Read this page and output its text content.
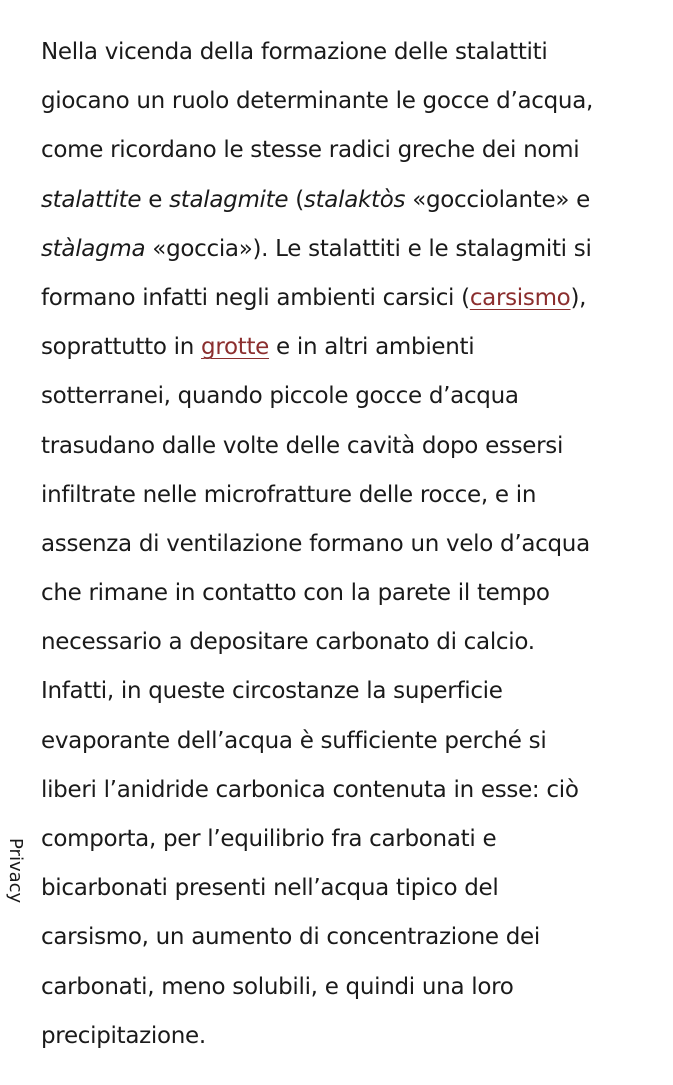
Nella vicenda della formazione delle stalattiti
giocano un ruolo determinante le gocce d’acqua,
come ricordano le stesse radici greche dei nomi
stalattite e stalagmite (stalaktòs «gocciolante» e
stàlagma «goccia»). Le stalattiti e le stalagmiti si
formano infatti negli ambienti carsici (carsismo),
soprattutto in grotte e in altri ambienti
sotterranei, quando piccole gocce d’acqua
trasudano dalle volte delle cavità dopo essersi
infiltrate nelle microfratture delle rocce, e in
assenza di ventilazione formano un velo d’acqua
che rimane in contatto con la parete il tempo
necessario a depositare carbonato di calcio.
Infatti, in queste circostanze la superficie
evaporante dell’acqua è sufficiente perché si
liberi l’anidride carbonica contenuta in esse: ciò
comporta, per l’equilibrio fra carbonati e
bicarbonati presenti nell’acqua tipico del
carsismo, un aumento di concentrazione dei
carbonati, meno solubili, e quindi una loro
precipitazione.

Privacy
